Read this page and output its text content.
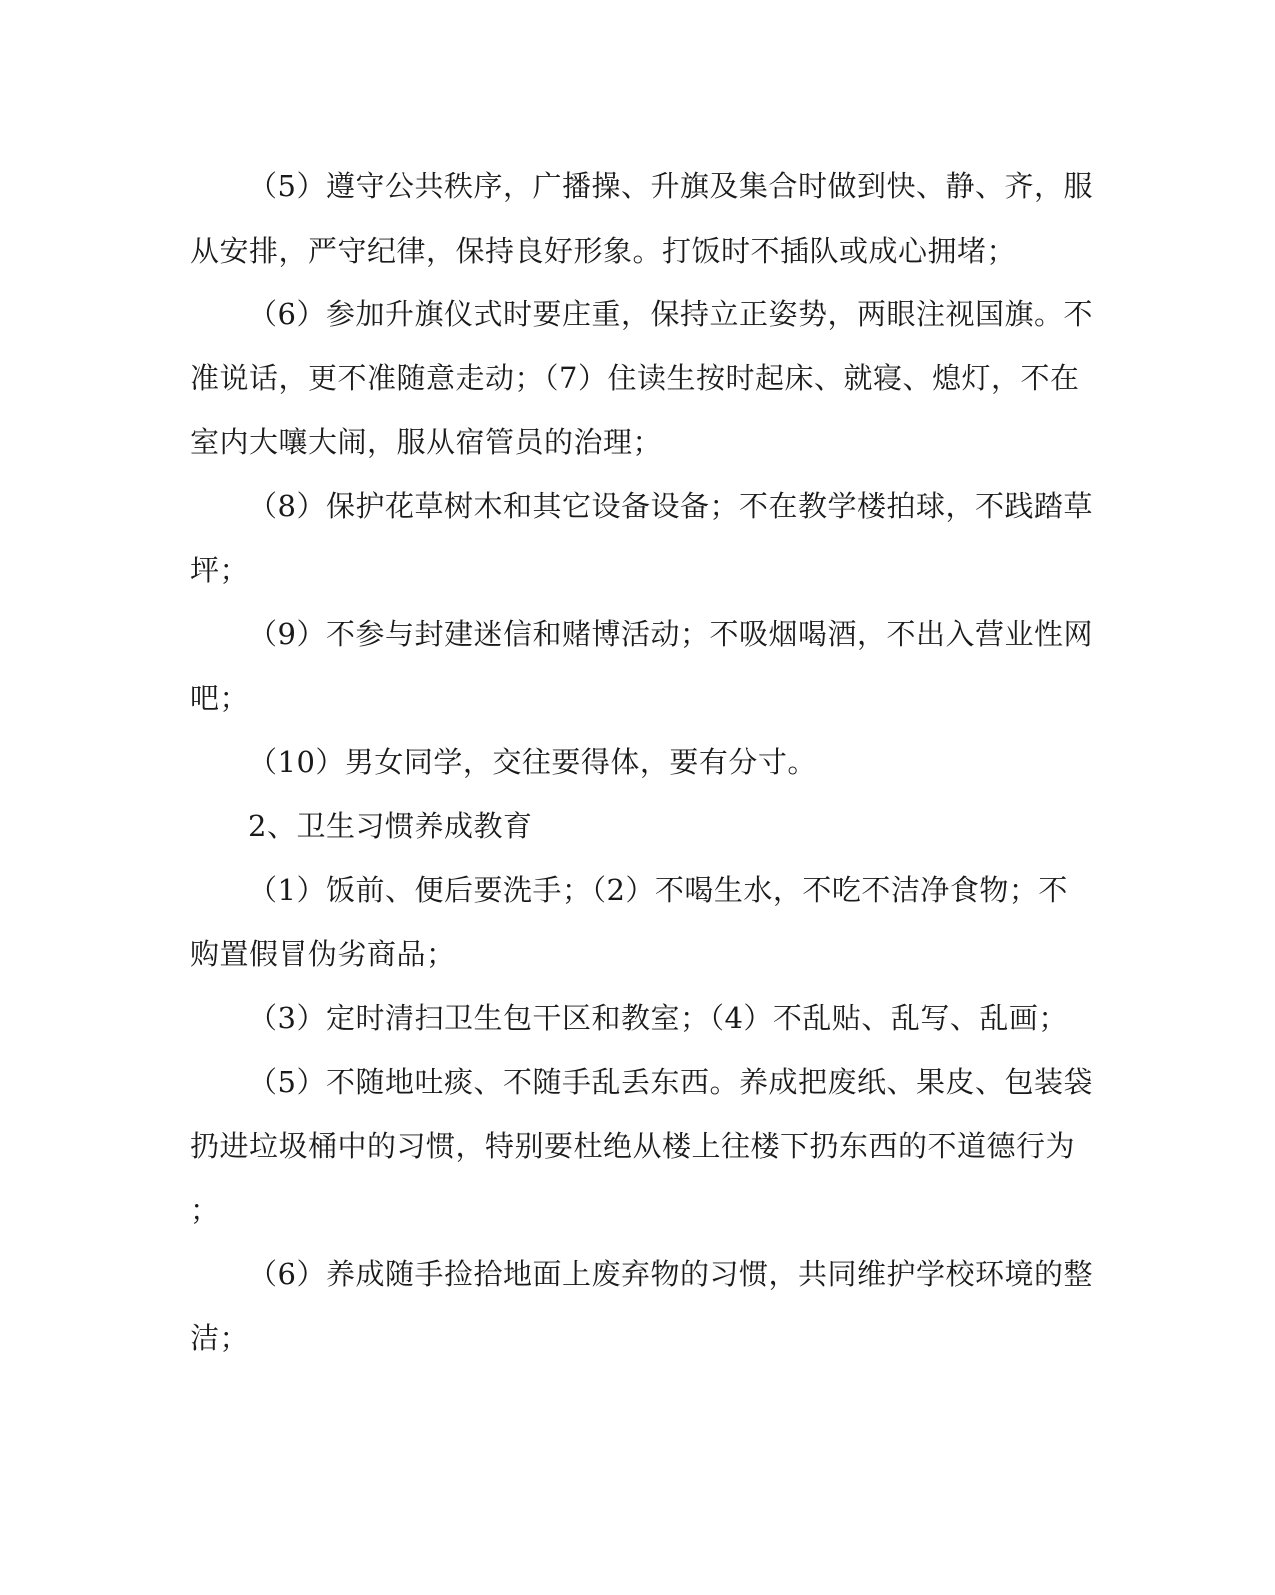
（5）遵守公共秩序，广播操、升旗及集合时做到快、静、齐，服

从安排，严守纪律，保持良好形象。打饭时不插队或成心拥堵；

（6）参加升旗仪式时要庄重，保持立正姿势，两眼注视国旗。不

准说话，更不准随意走动；（7）住读生按时起床、就寝、熄灯，不在

室内大嚷大闹，服从宿管员的治理；

（8）保护花草树木和其它设备设备；不在教学楼拍球，不践踏草

坪；

（9）不参与封建迷信和赌博活动；不吸烟喝酒，不出入营业性网

吧；

（10）男女同学，交往要得体，要有分寸。

2、卫生习惯养成教育

（1）饭前、便后要洗手；（2）不喝生水，不吃不洁净食物；不

购置假冒伪劣商品；

（3）定时清扫卫生包干区和教室；（4）不乱贴、乱写、乱画；

（5）不随地吐痰、不随手乱丢东西。养成把废纸、果皮、包装袋

扔进垃圾桶中的习惯，特别要杜绝从楼上往楼下扔东西的不道德行为

；

（6）养成随手捡拾地面上废弃物的习惯，共同维护学校环境的整

洁；
